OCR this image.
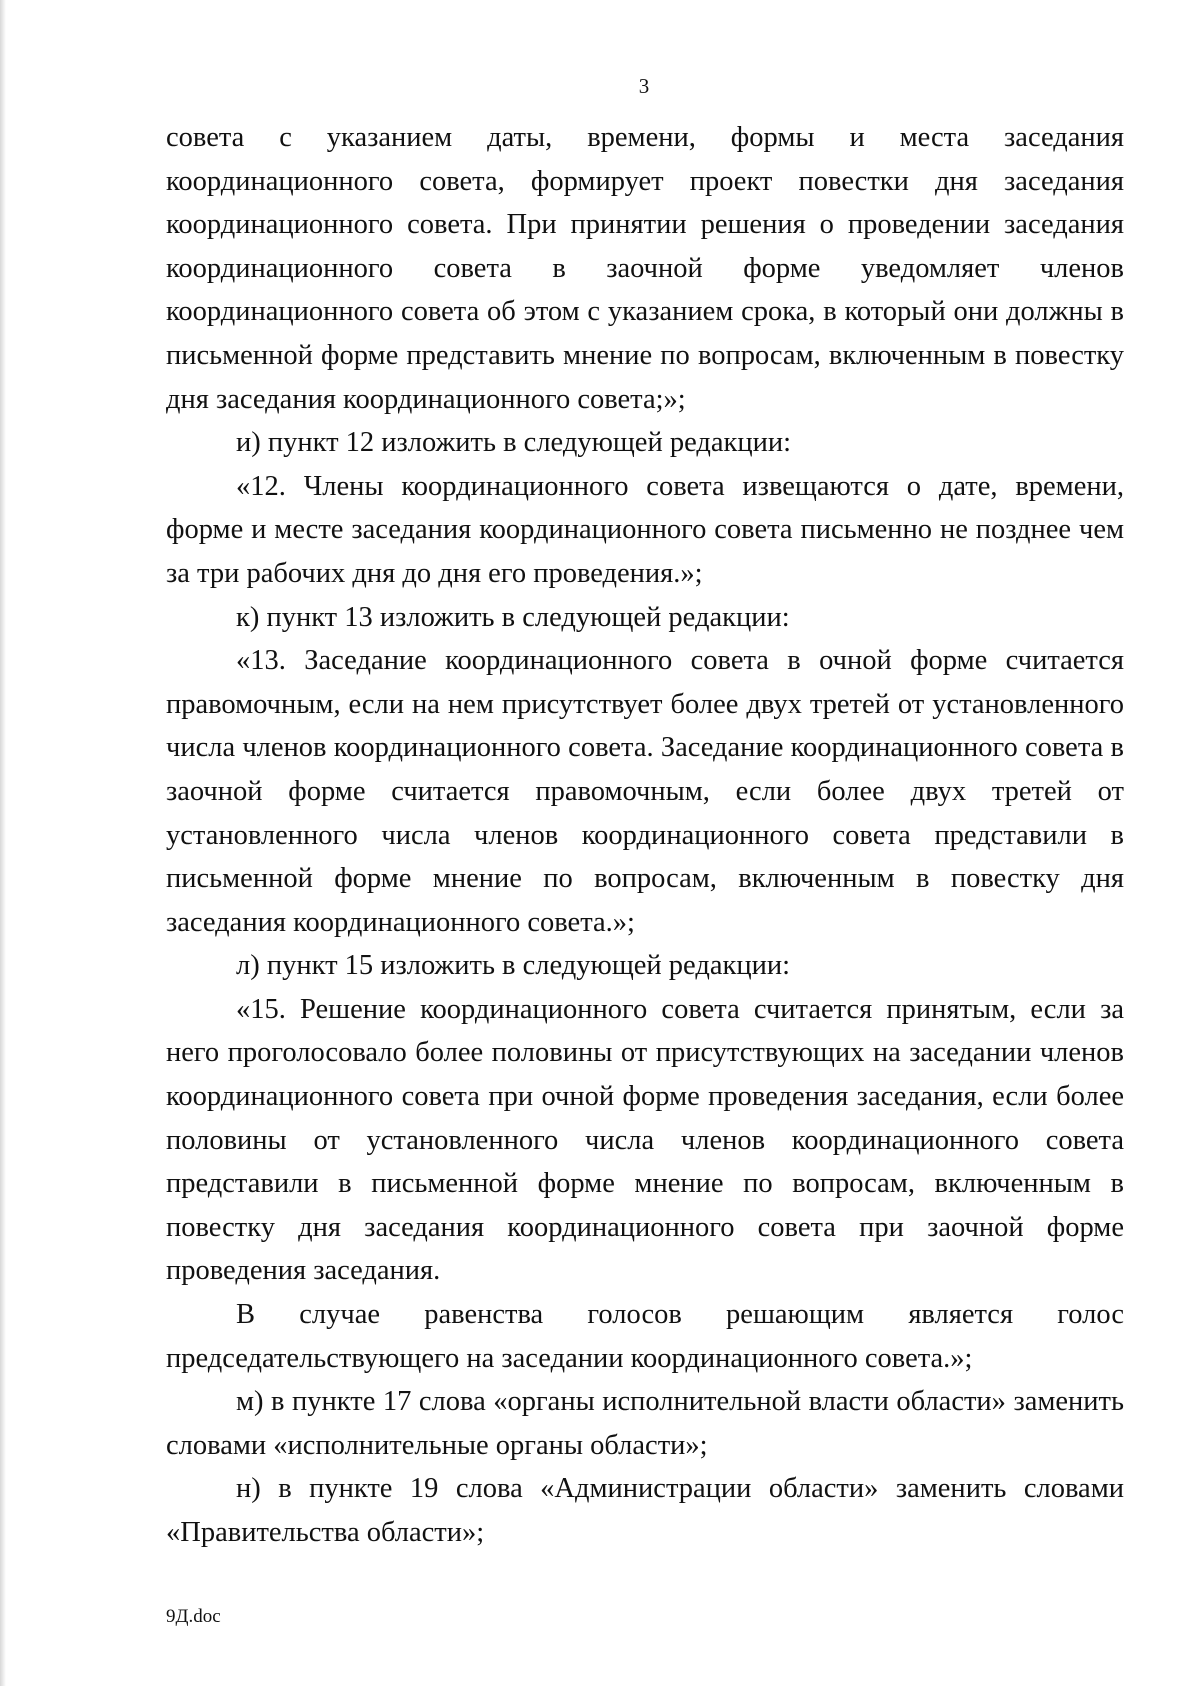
3

совета с указанием даты, времени, формы и места заседания координационного совета, формирует проект повестки дня заседания координационного совета. При принятии решения о проведении заседания координационного совета в заочной форме уведомляет членов координационного совета об этом с указанием срока, в который они должны в письменной форме представить мнение по вопросам, включенным в повестку дня заседания координационного совета;»;

и) пункт 12 изложить в следующей редакции:

«12. Члены координационного совета извещаются о дате, времени, форме и месте заседания координационного совета письменно не позднее чем за три рабочих дня до дня его проведения.»;

к) пункт 13 изложить в следующей редакции:

«13. Заседание координационного совета в очной форме считается правомочным, если на нем присутствует более двух третей от установленного числа членов координационного совета. Заседание координационного совета в заочной форме считается правомочным, если более двух третей от установленного числа членов координационного совета представили в письменной форме мнение по вопросам, включенным в повестку дня заседания координационного совета.»;

л) пункт 15 изложить в следующей редакции:

«15. Решение координационного совета считается принятым, если за него проголосовало более половины от присутствующих на заседании членов координационного совета при очной форме проведения заседания, если более половины от установленного числа членов координационного совета представили в письменной форме мнение по вопросам, включенным в повестку дня заседания координационного совета при заочной форме проведения заседания.

В случае равенства голосов решающим является голос председательствующего на заседании координационного совета.»;

м) в пункте 17 слова «органы исполнительной власти области» заменить словами «исполнительные органы области»;

н) в пункте 19 слова «Администрации области» заменить словами «Правительства области»;

9Д.doc
